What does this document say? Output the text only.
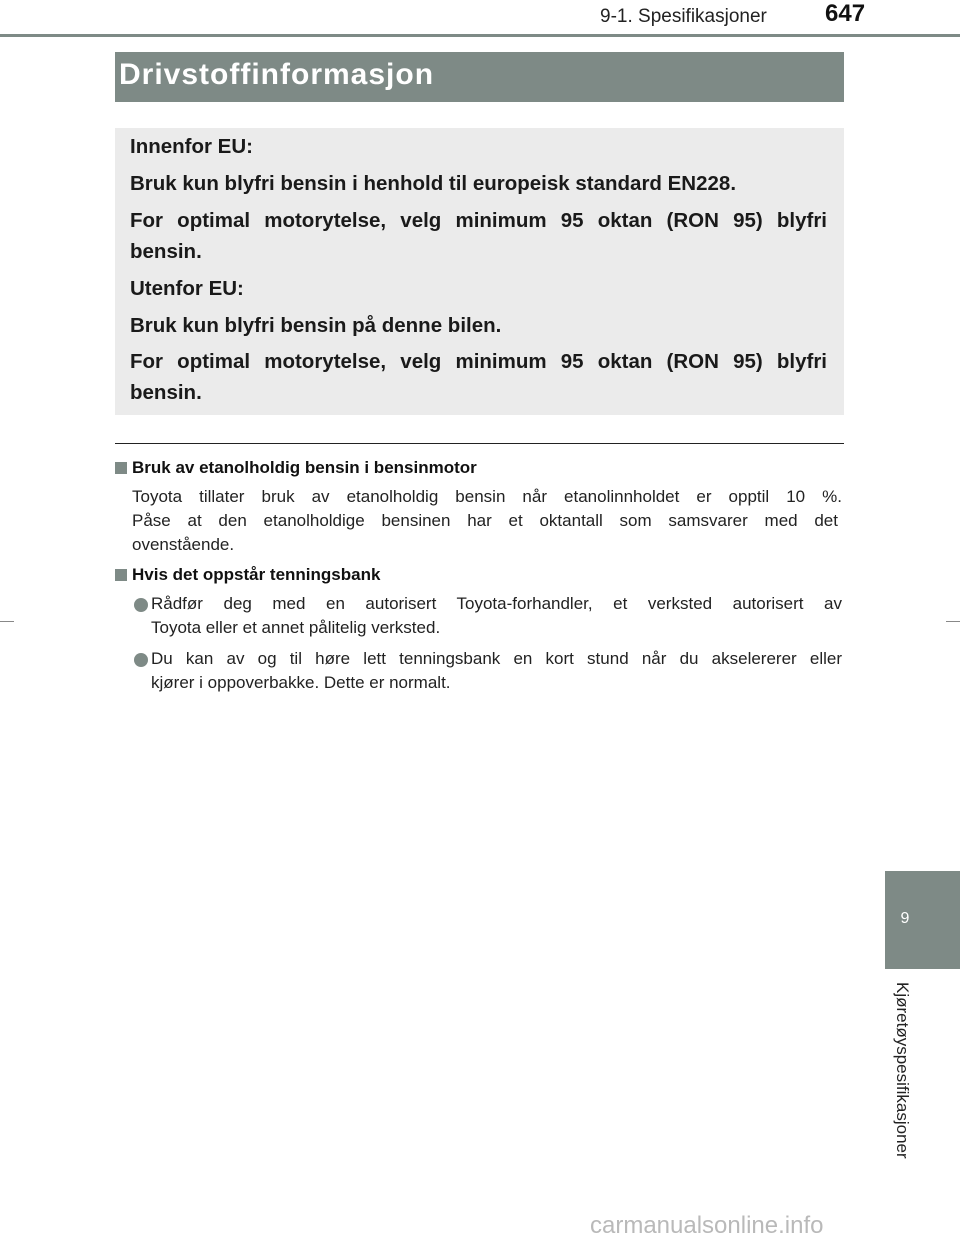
9-1. Spesifikasjoner 647
Drivstoffinformasjon
Innenfor EU:
Bruk kun blyfri bensin i henhold til europeisk standard EN228.
For optimal motorytelse, velg minimum 95 oktan (RON 95) blyfri
bensin.
Utenfor EU:
Bruk kun blyfri bensin på denne bilen.
For optimal motorytelse, velg minimum 95 oktan (RON 95) blyfri
bensin.
Bruk av etanolholdig bensin i bensinmotor
Toyota tillater bruk av etanolholdig bensin når etanolinnholdet er opptil 10 %.
Påse at den etanolholdige bensinen har et oktantall som samsvarer med det
ovenstående.
Hvis det oppstår tenningsbank
Rådfør deg med en autorisert Toyota-forhandler, et verksted autorisert av
Toyota eller et annet pålitelig verksted.
Du kan av og til høre lett tenningsbank en kort stund når du akselererer eller
kjører i oppoverbakke. Dette er normalt.
9
Kjøretøyspesifikasjoner
carmanualsonline.info
